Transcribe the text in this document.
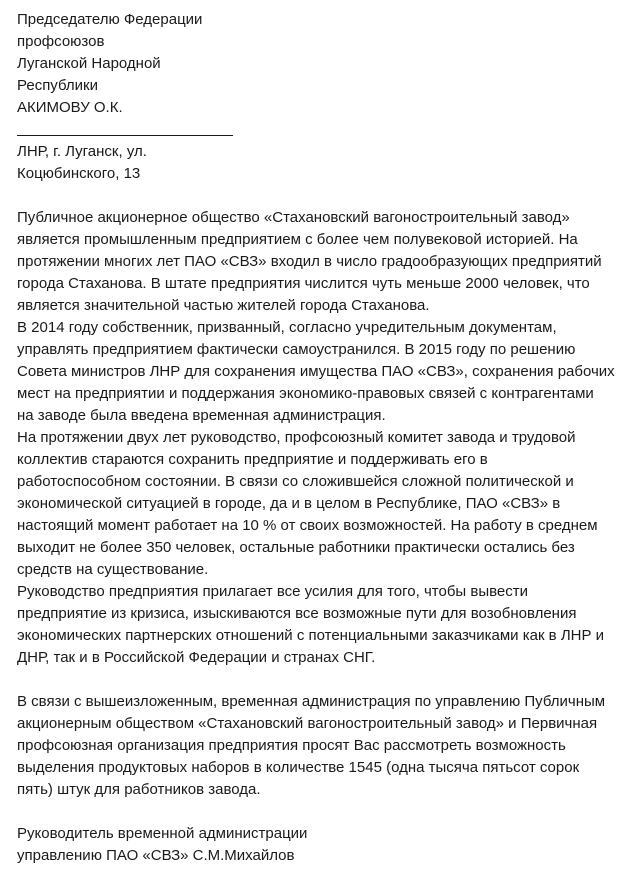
Председателю Федерации
профсоюзов
Луганской Народной
Республики
АКИМОВУ О.К.
ЛНР, г. Луганск, ул.
Коцюбинского, 13
Публичное акционерное общество «Стахановский вагоностроительный завод»
является промышленным предприятием с более чем полувековой историей. На
протяжении многих лет ПАО «СВЗ» входил в число градообразующих предприятий
города Стаханова. В штате предприятия числится чуть меньше 2000 человек, что
является значительной частью жителей города Стаханова.
В 2014 году собственник, призванный, согласно учредительным документам,
управлять предприятием фактически самоустранился. В 2015 году по решению
Совета министров ЛНР для сохранения имущества ПАО «СВЗ», сохранения рабочих
мест на предприятии и поддержания экономико-правовых связей с контрагентами
на заводе была введена временная администрация.
На протяжении двух лет руководство, профсоюзный комитет завода и трудовой
коллектив стараются сохранить предприятие и поддерживать его в
работоспособном состоянии. В связи со сложившейся сложной политической и
экономической ситуацией в городе, да и в целом в Республике, ПАО «СВЗ» в
настоящий момент работает на 10 % от своих возможностей. На работу в среднем
выходит не более 350 человек, остальные работники практически остались без
средств на существование.
Руководство предприятия прилагает все усилия для того, чтобы вывести
предприятие из кризиса, изыскиваются все возможные пути для возобновления
экономических партнерских отношений с потенциальными заказчиками как в ЛНР и
ДНР, так и в Российской Федерации и странах СНГ.
В связи с вышеизложенным, временная администрация по управлению Публичным
акционерным обществом «Стахановский вагоностроительный завод» и Первичная
профсоюзная организация предприятия просят Вас рассмотреть возможность
выделения продуктовых наборов в количестве 1545 (одна тысяча пятьсот сорок
пять) штук для работников завода.
Руководитель временной администрации
управлению ПАО «СВЗ» С.М.Михайлов
